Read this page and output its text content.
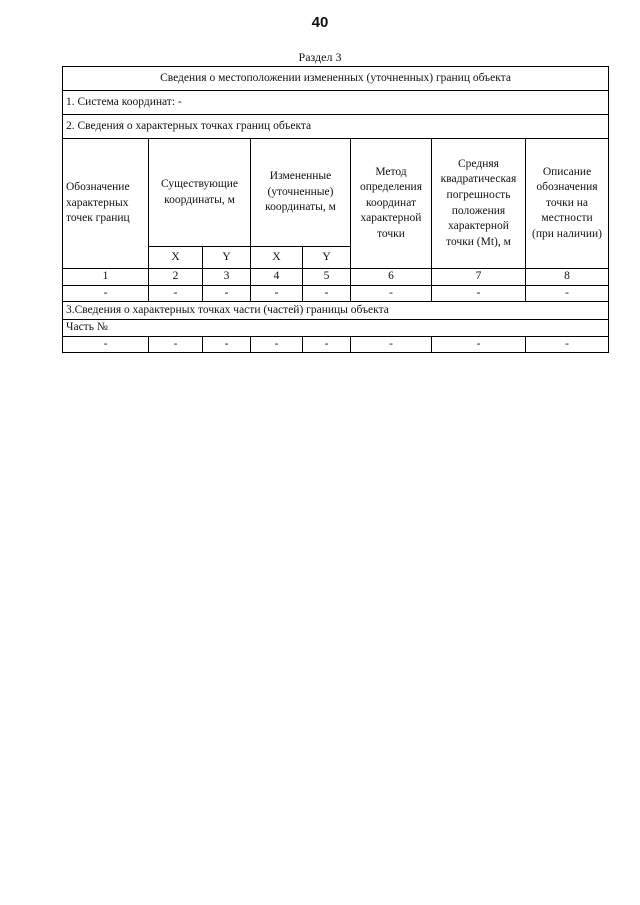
40
Раздел 3
Сведения о местоположении измененных (уточненных) границ объекта							
1. Система координат: -							
2. Сведения о характерных точках границ объекта							
Обозначение характерных точек границ	Существующие координаты, м		Измененные (уточненные) координаты, м		Метод определения координат характерной точки	Средняя квадратическая погрешность положения характерной точки (Mt), м	Описание обозначения точки на местности (при наличии)
	X	Y	X	Y			
1	2	3	4	5	6	7	8
-	-	-	-	-	-	-	-
3.Сведения о характерных точках части (частей) границы объекта							
Часть №							
-	-	-	-	-	-	-	-
